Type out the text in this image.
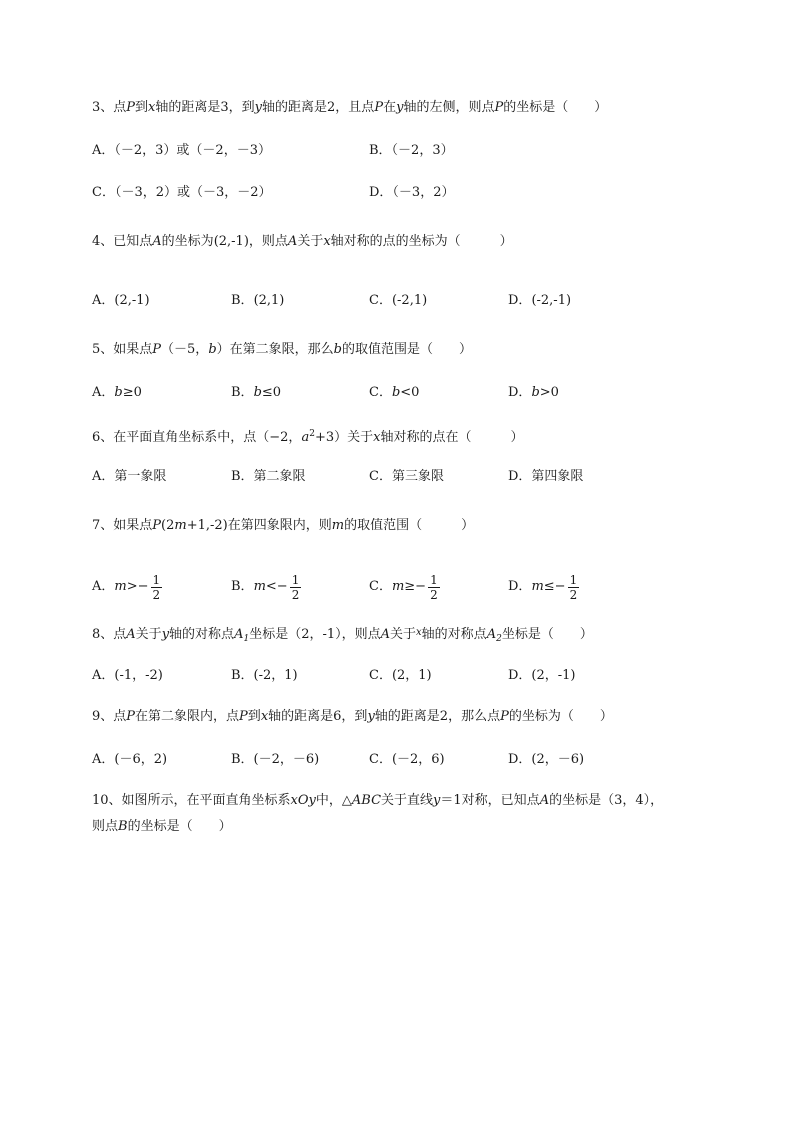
3、点P到x轴的距离是3，到y轴的距离是2，且点P在y轴的左侧，则点P的坐标是（　　）
A．（－2，3）或（－2，－3）	B．（－2，3）
C．（－3，2）或（－3，－2）	D．（－3，2）
4、已知点A的坐标为(2,-1)，则点A关于x轴对称的点的坐标为（　　　）
A．(2,-1)	B．(2,1)	C．(-2,1)	D．(-2,-1)
5、如果点P（－5，b）在第二象限，那么b的取值范围是（　　）
A．b≥0	B．b≤0	C．b<0	D．b>0
6、在平面直角坐标系中，点（−2，$a^2+3$）关于x轴对称的点在（　　　）
A．第一象限	B．第二象限	C．第三象限	D．第四象限
7、如果点P(2m+1,-2)在第四象限内，则m的取值范围（　　　）
A．$m>- \frac{1}{2}$	B．$m<- \frac{1}{2}$	C．$m\ge- \frac{1}{2}$	D．$m\le- \frac{1}{2}$
8、点A关于y轴的对称点$A_1$坐标是（2，-1），则点A关于$^x$轴的对称点$A_2$坐标是（　　）
A．(-1，-2)	B．(-2，1)	C．(2，1)	D．(2，-1)
9、点P在第二象限内，点P到x轴的距离是6，到y轴的距离是2，那么点P的坐标为（　　）
A．(－6，2)	B．(－2，－6)	C．(－2，6)	D．(2，－6)
10、如图所示，在平面直角坐标系xOy中，△ABC关于直线y＝1对称，已知点A的坐标是（3，4），
则点B的坐标是（　　）
